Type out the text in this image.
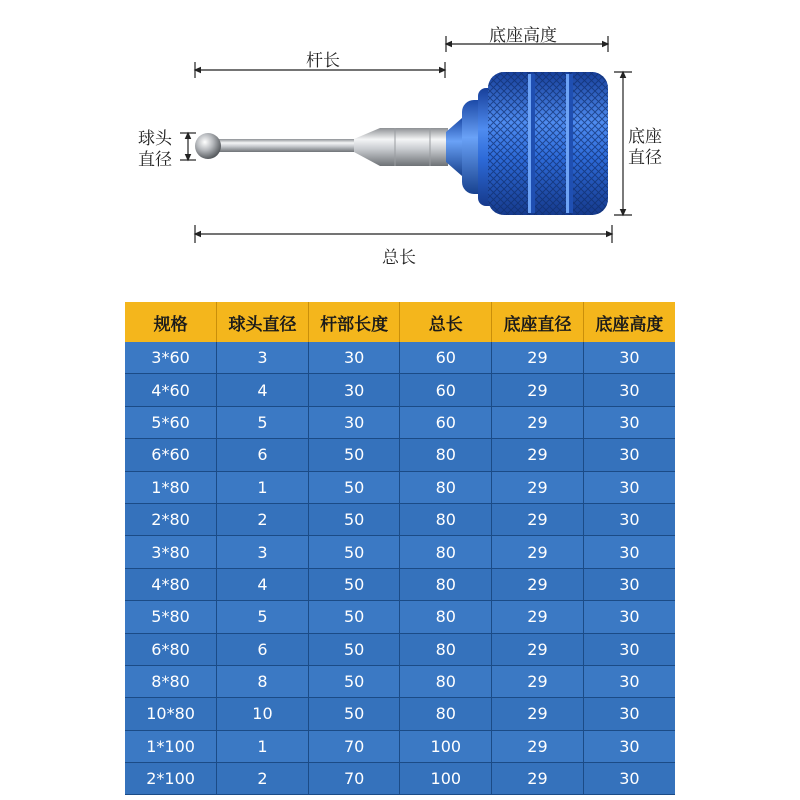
杆长
底座高度
球头
直径
底座
直径
总长
规格	球头直径	杆部长度	总长	底座直径	底座高度
3*60	3	30	60	29	30
4*60	4	30	60	29	30
5*60	5	30	60	29	30
6*60	6	50	80	29	30
1*80	1	50	80	29	30
2*80	2	50	80	29	30
3*80	3	50	80	29	30
4*80	4	50	80	29	30
5*80	5	50	80	29	30
6*80	6	50	80	29	30
8*80	8	50	80	29	30
10*80	10	50	80	29	30
1*100	1	70	100	29	30
2*100	2	70	100	29	30
